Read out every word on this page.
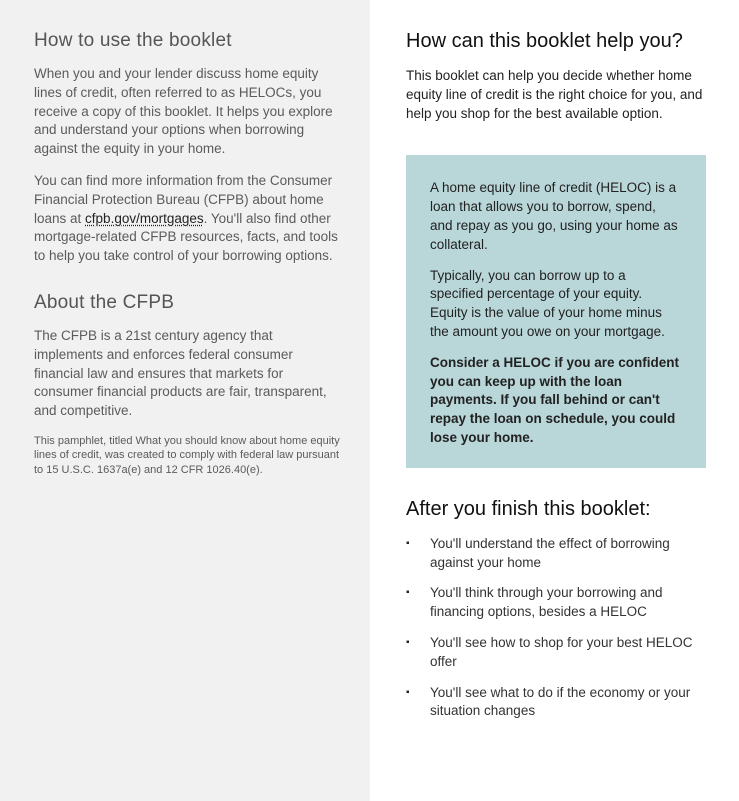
How to use the booklet

When you and your lender discuss home equity lines of credit, often referred to as HELOCs, you receive a copy of this booklet. It helps you explore and understand your options when borrowing against the equity in your home.

You can find more information from the Consumer Financial Protection Bureau (CFPB) about home loans at cfpb.gov/mortgages. You'll also find other mortgage-related CFPB resources, facts, and tools to help you take control of your borrowing options.

About the CFPB

The CFPB is a 21st century agency that implements and enforces federal consumer financial law and ensures that markets for consumer financial products are fair, transparent, and competitive.

This pamphlet, titled What you should know about home equity lines of credit, was created to comply with federal law pursuant to 15 U.S.C. 1637a(e) and 12 CFR 1026.40(e).

How can this booklet help you?

This booklet can help you decide whether home equity line of credit is the right choice for you, and help you shop for the best available option.

A home equity line of credit (HELOC) is a loan that allows you to borrow, spend, and repay as you go, using your home as collateral.

Typically, you can borrow up to a specified percentage of your equity. Equity is the value of your home minus the amount you owe on your mortgage.

Consider a HELOC if you are confident you can keep up with the loan payments. If you fall behind or can't repay the loan on schedule, you could lose your home.

After you finish this booklet:
▪ You'll understand the effect of borrowing against your home
▪ You'll think through your borrowing and financing options, besides a HELOC
▪ You'll see how to shop for your best HELOC offer
▪ You'll see what to do if the economy or your situation changes
